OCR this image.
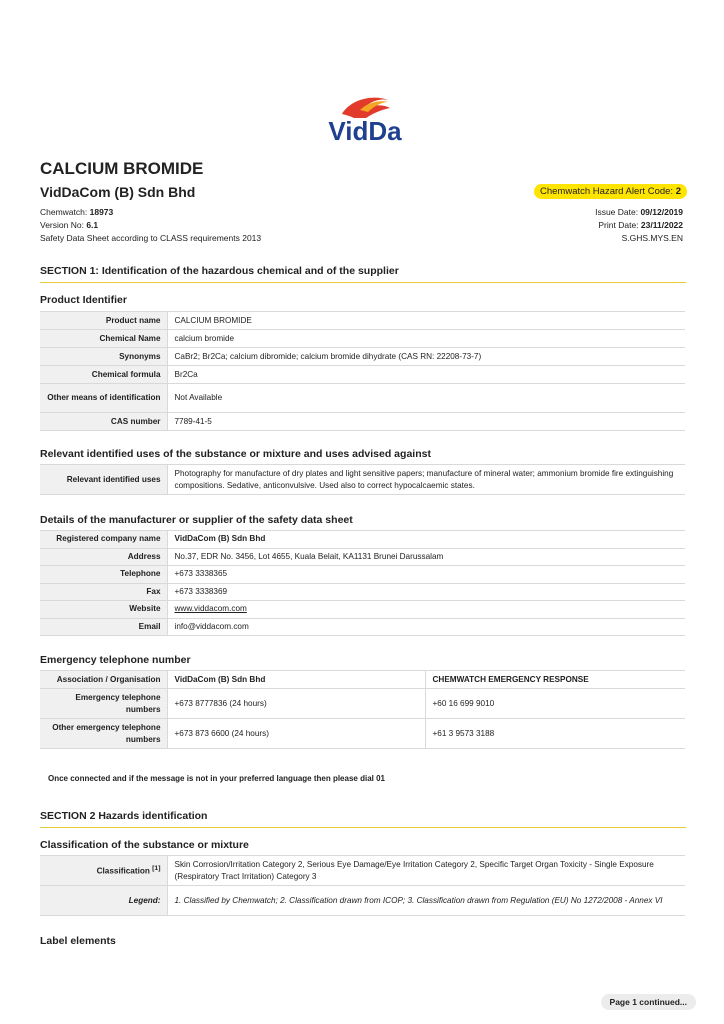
VidDa
CALCIUM BROMIDE
VidDaCom (B) Sdn Bhd	Chemwatch Hazard Alert Code: 2
Chemwatch: 18973
Version No: 6.1
Safety Data Sheet according to CLASS requirements 2013
Issue Date: 09/12/2019
Print Date: 23/11/2022
S.GHS.MYS.EN
SECTION 1: Identification of the hazardous chemical and of the supplier
Product Identifier
Product name	CALCIUM BROMIDE
Chemical Name	calcium bromide
Synonyms	CaBr2; Br2Ca; calcium dibromide; calcium bromide dihydrate (CAS RN: 22208-73-7)
Chemical formula	Br2Ca
Other means of identification	Not Available
CAS number	7789-41-5
Relevant identified uses of the substance or mixture and uses advised against
Relevant identified uses	Photography for manufacture of dry plates and light sensitive papers; manufacture of mineral water; ammonium bromide fire extinguishing compositions. Sedative, anticonvulsive. Used also to correct hypocalcaemic states.
Details of the manufacturer or supplier of the safety data sheet
Registered company name	VidDaCom (B) Sdn Bhd
Address	No.37, EDR No. 3456, Lot 4655, Kuala Belait, KA1131 Brunei Darussalam
Telephone	+673 3338365
Fax	+673 3338369
Website	www.viddacom.com
Email	info@viddacom.com
Emergency telephone number
Association / Organisation	VidDaCom (B) Sdn Bhd	CHEMWATCH EMERGENCY RESPONSE
Emergency telephone numbers	+673 8777836 (24 hours)	+60 16 699 9010
Other emergency telephone numbers	+673 873 6600 (24 hours)	+61 3 9573 3188
Once connected and if the message is not in your preferred language then please dial 01
SECTION 2 Hazards identification
Classification of the substance or mixture
Classification [1]	Skin Corrosion/Irritation Category 2, Serious Eye Damage/Eye Irritation Category 2, Specific Target Organ Toxicity - Single Exposure (Respiratory Tract Irritation) Category 3
Legend:	1. Classified by Chemwatch; 2. Classification drawn from ICOP; 3. Classification drawn from Regulation (EU) No 1272/2008 - Annex VI
Label elements
Page 1 continued...
